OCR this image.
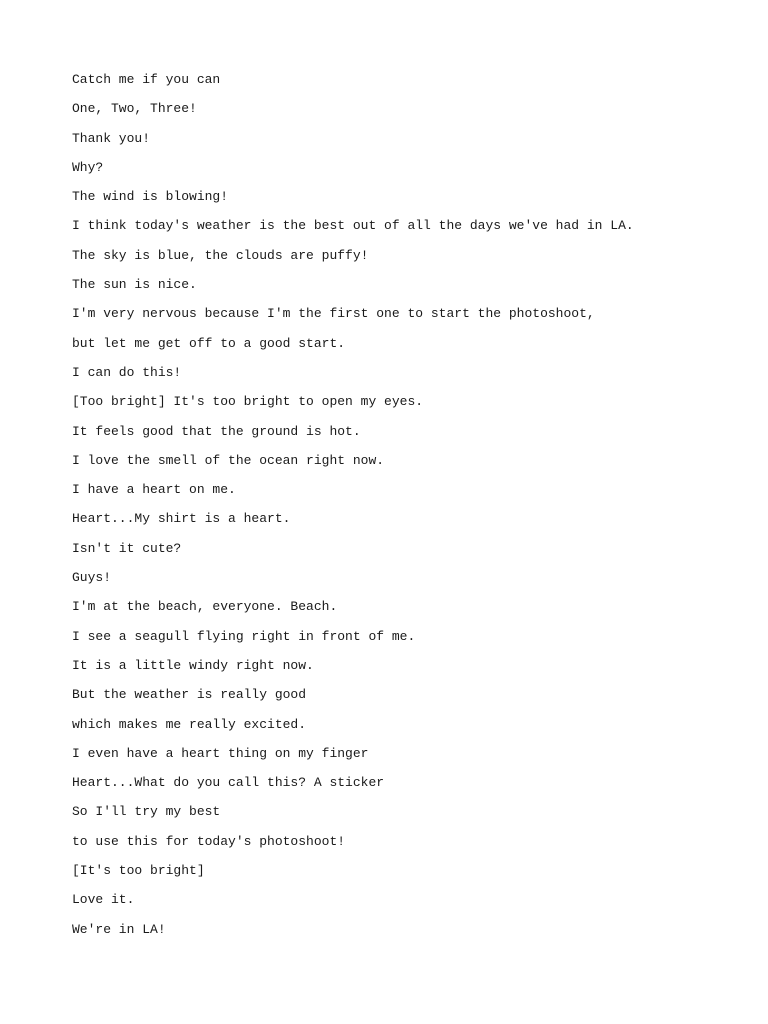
Catch me if you can
One, Two, Three!
Thank you!
Why?
The wind is blowing!
I think today's weather is the best out of all the days we've had in LA.
The sky is blue, the clouds are puffy!
The sun is nice.
I'm very nervous because I'm the first one to start the photoshoot,
but let me get off to a good start.
I can do this!
[Too bright] It's too bright to open my eyes.
It feels good that the ground is hot.
I love the smell of the ocean right now.
I have a heart on me.
Heart...My shirt is a heart.
Isn't it cute?
Guys!
I'm at the beach, everyone. Beach.
I see a seagull flying right in front of me.
It is a little windy right now.
But the weather is really good
which makes me really excited.
I even have a heart thing on my finger
Heart...What do you call this? A sticker
So I'll try my best
to use this for today's photoshoot!
[It's too bright]
Love it.
We're in LA!
